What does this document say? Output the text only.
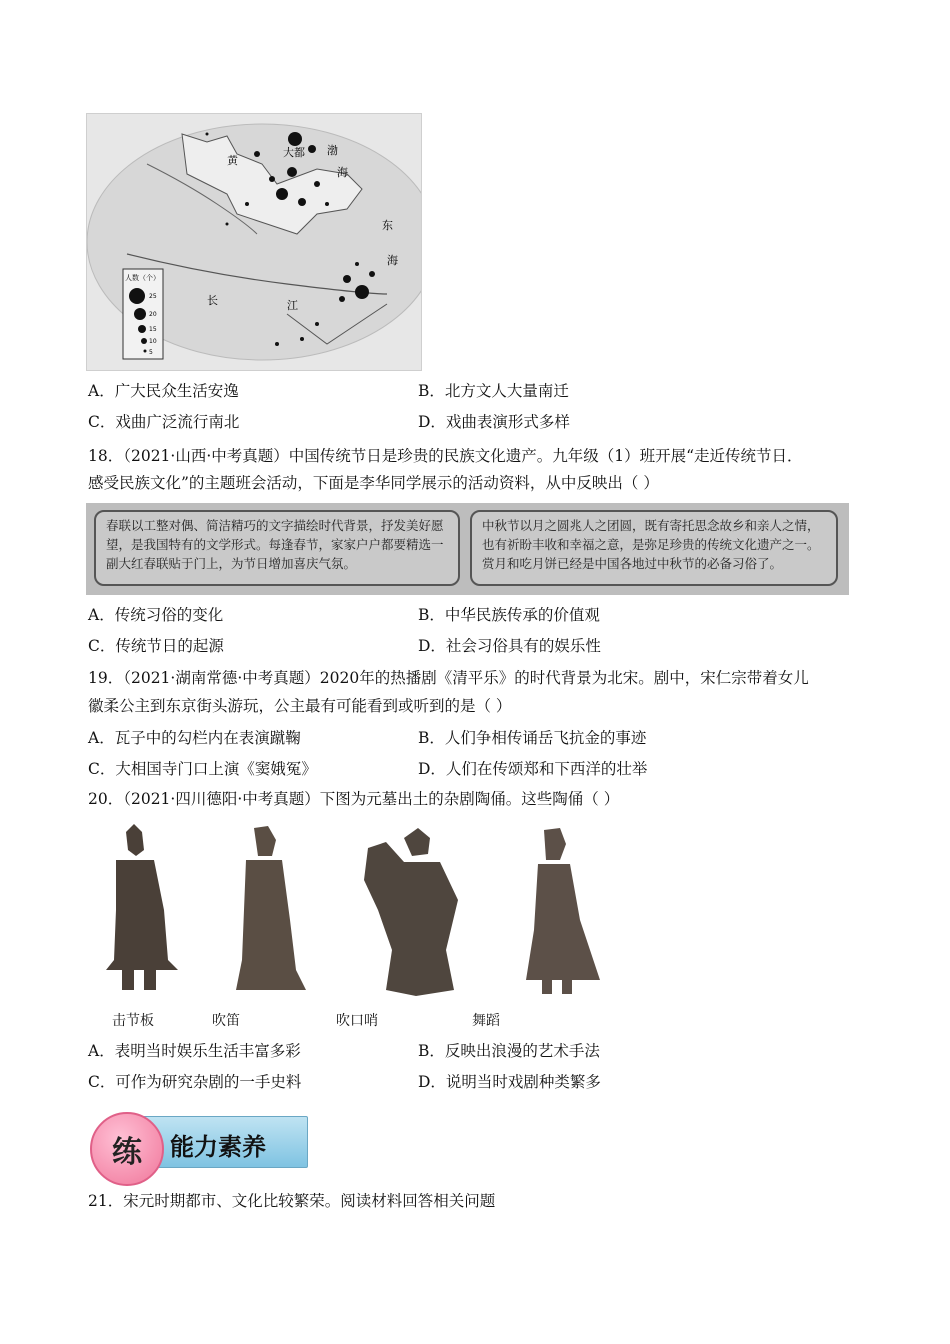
大都
黄
渤
海
东
海
长	江
人数（个）
25
20
15
10
5
A．广大民众生活安逸	B．北方文人大量南迁
C．戏曲广泛流行南北	D．戏曲表演形式多样
18．（2021·山西·中考真题）中国传统节日是珍贵的民族文化遗产。九年级（1）班开展“走近传统节日．
感受民族文化”的主题班会活动，下面是李华同学展示的活动资料，从中反映出（ ）
春联以工整对偶、简洁精巧的文字描绘时代背景，抒发美好愿望，是我国特有的文学形式。每逢春节，家家户户都要精选一副大红春联贴于门上，为节日增加喜庆气氛。
中秋节以月之圆兆人之团圆，既有寄托思念故乡和亲人之情，也有祈盼丰收和幸福之意，是弥足珍贵的传统文化遗产之一。赏月和吃月饼已经是中国各地过中秋节的必备习俗了。
A．传统习俗的变化	B．中华民族传承的价值观
C．传统节日的起源	D．社会习俗具有的娱乐性
19．（2021·湖南常德·中考真题）2020年的热播剧《清平乐》的时代背景为北宋。剧中，宋仁宗带着女儿
徽柔公主到东京街头游玩，公主最有可能看到或听到的是（ ）
A．瓦子中的勾栏内在表演蹴鞠	B．人们争相传诵岳飞抗金的事迹
C．大相国寺门口上演《窦娥冤》	D．人们在传颂郑和下西洋的壮举
20．（2021·四川德阳·中考真题）下图为元墓出土的杂剧陶俑。这些陶俑（ ）
击节板	吹笛	吹口哨	舞蹈
A．表明当时娱乐生活丰富多彩	B．反映出浪漫的艺术手法
C．可作为研究杂剧的一手史料	D．说明当时戏剧种类繁多
练	能力素养
21．宋元时期都市、文化比较繁荣。阅读材料回答相关问题
